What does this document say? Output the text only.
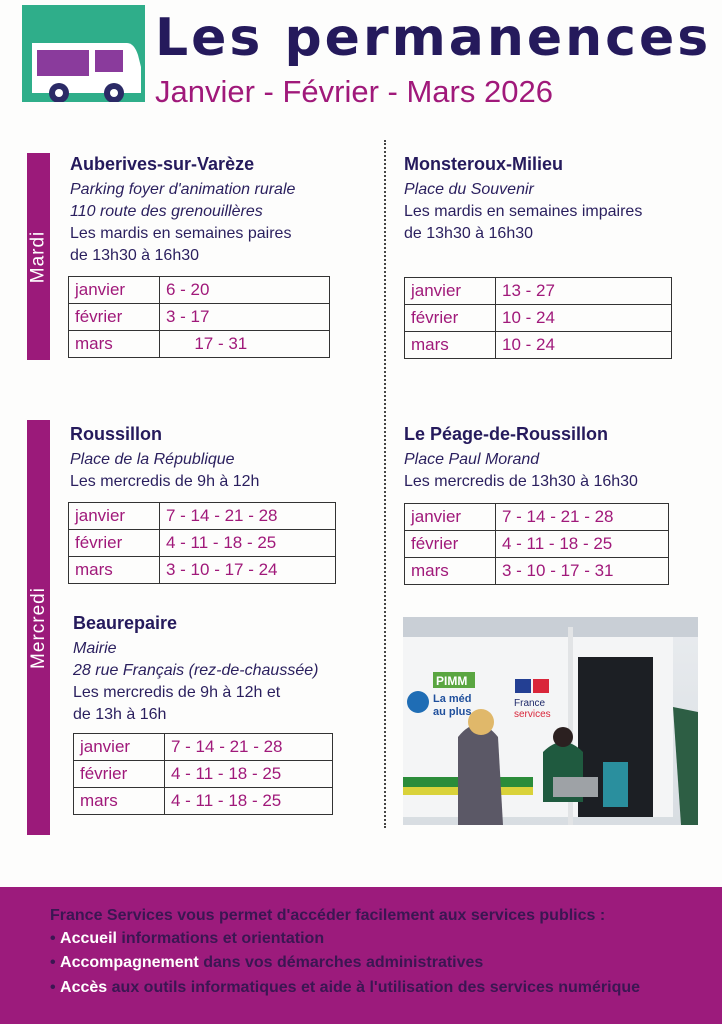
Les permanences
Janvier - Février - Mars 2026
Mardi
Mercredi
Auberives-sur-Varèze
Parking foyer d'animation rurale
110 route des grenouillères
Les mardis en semaines paires
de 13h30 à 16h30
janvier	6 - 20
février	3 - 17
mars	17 - 31
Monsteroux-Milieu
Place du Souvenir
Les mardis en semaines impaires
de 13h30 à 16h30
janvier	13 - 27
février	10 - 24
mars	10 - 24
Roussillon
Place de la République
Les mercredis de 9h à 12h
janvier	7 - 14 - 21 - 28
février	4 - 11 - 18 - 25
mars	3 - 10 - 17 - 24
Le Péage-de-Roussillon
Place Paul Morand
Les mercredis de 13h30 à 16h30
janvier	7 - 14 - 21 - 28
février	4 - 11 - 18 - 25
mars	3 - 10 - 17 - 31
Beaurepaire
Mairie
28 rue Français (rez-de-chaussée)
Les mercredis de 9h à 12h et
de 13h à 16h
janvier	7 - 14 - 21 - 28
février	4 - 11 - 18 - 25
mars	4 - 11 - 18 - 25
PIMM
La méd
au plus
France
services
France Services vous permet d'accéder facilement aux services publics :
• Accueil informations et orientation
• Accompagnement dans vos démarches administratives
• Accès aux outils informatiques et aide à l'utilisation des services numérique
